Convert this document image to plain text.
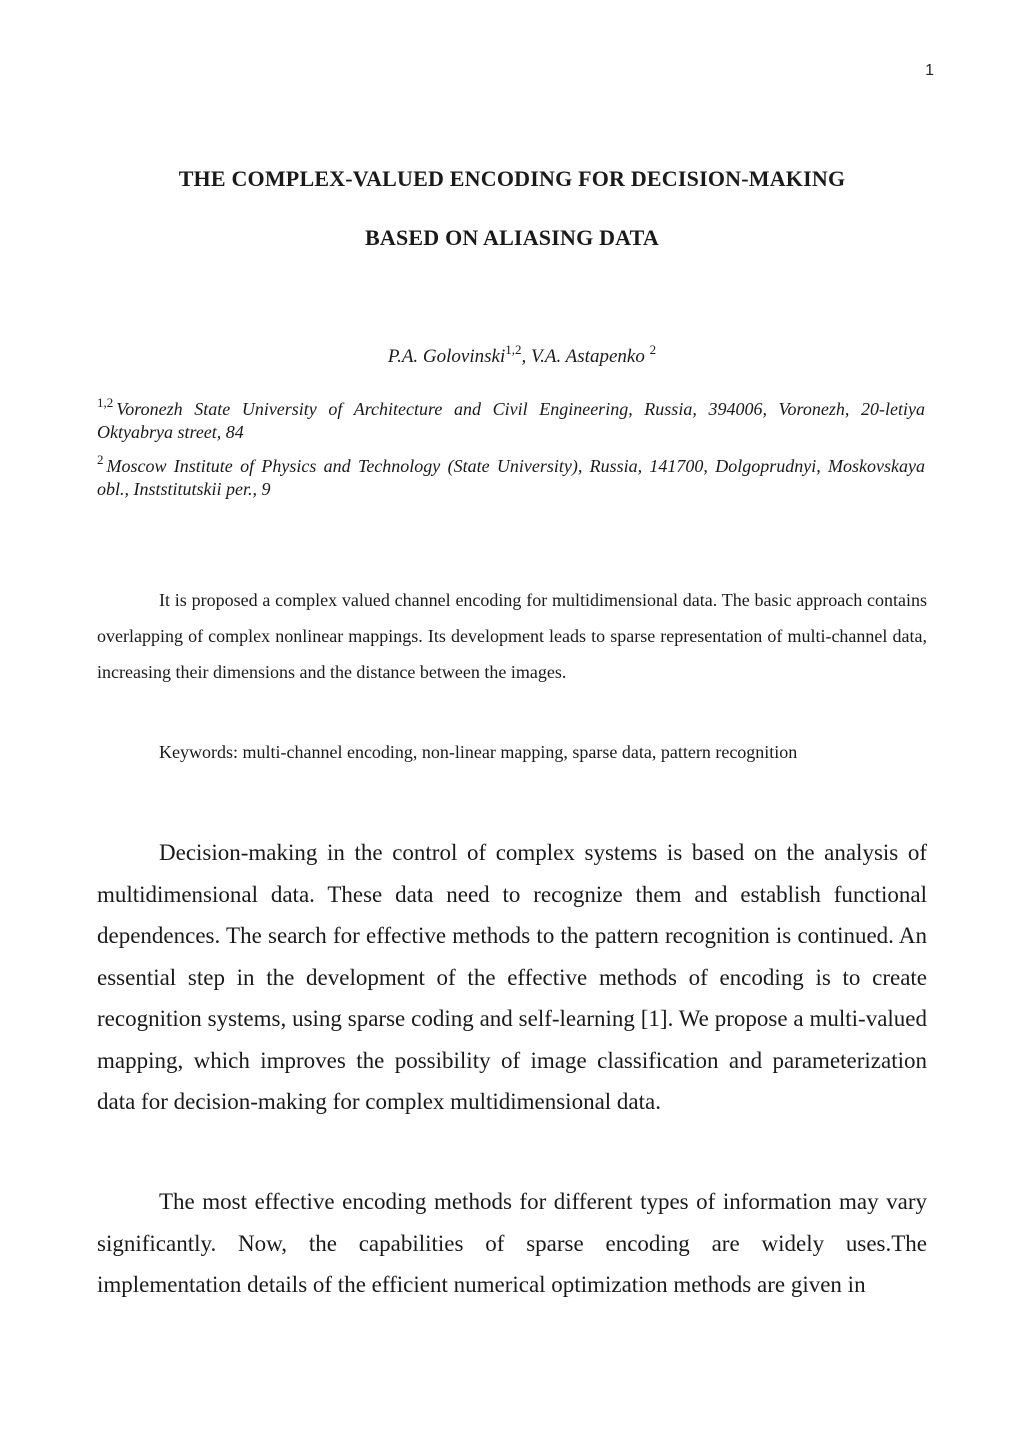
1
THE COMPLEX-VALUED ENCODING FOR DECISION-MAKING
BASED ON ALIASING DATA
P.A. Golovinski$^{1,2}$, V.A. Astapenko $^2$
$^{1,2}$ Voronezh State University of Architecture and Civil Engineering, Russia, 394006, Voronezh, 20-letiya Oktyabrya street, 84
$^2$ Moscow Institute of Physics and Technology (State University), Russia, 141700, Dolgoprudnyi, Moskovskaya obl., Inststitutskii per., 9

It is proposed a complex valued channel encoding for multidimensional data. The basic approach contains overlapping of complex nonlinear mappings. Its development leads to sparse representation of multi-channel data, increasing their dimensions and the distance between the images.

Keywords: multi-channel encoding, non-linear mapping, sparse data, pattern recognition

Decision-making in the control of complex systems is based on the analysis of multidimensional data. These data need to recognize them and establish functional dependences. The search for effective methods to the pattern recognition is continued. An essential step in the development of the effective methods of encoding is to create recognition systems, using sparse coding and self-learning [1]. We propose a multi-valued mapping, which improves the possibility of image classification and parameterization data for decision-making for complex multidimensional data.

The most effective encoding methods for different types of information may vary significantly. Now, the capabilities of sparse encoding are widely uses.The implementation details of the efficient numerical optimization methods are given in
